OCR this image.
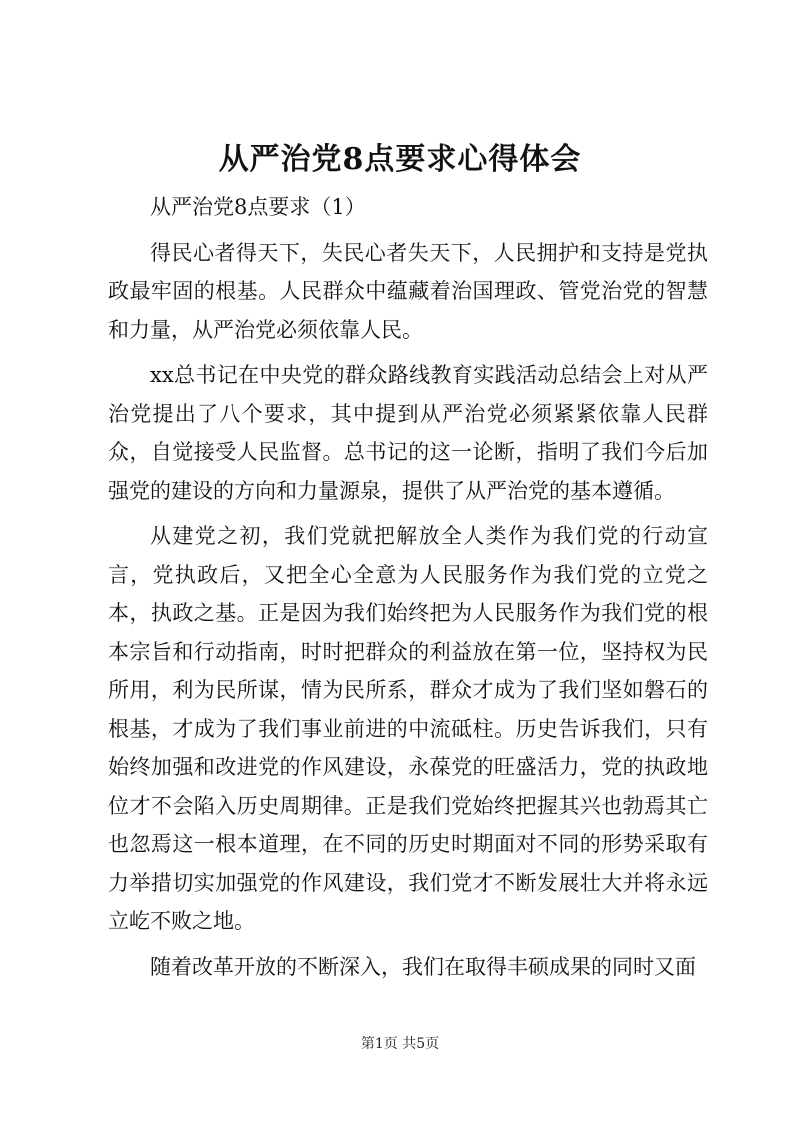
从严治党8点要求心得体会

从严治党8点要求（1）

得民心者得天下，失民心者失天下，人民拥护和支持是党执政最牢固的根基。人民群众中蕴藏着治国理政、管党治党的智慧和力量，从严治党必须依靠人民。

xx总书记在中央党的群众路线教育实践活动总结会上对从严治党提出了八个要求，其中提到从严治党必须紧紧依靠人民群众，自觉接受人民监督。总书记的这一论断，指明了我们今后加强党的建设的方向和力量源泉，提供了从严治党的基本遵循。

从建党之初，我们党就把解放全人类作为我们党的行动宣言，党执政后，又把全心全意为人民服务作为我们党的立党之本，执政之基。正是因为我们始终把为人民服务作为我们党的根本宗旨和行动指南，时时把群众的利益放在第一位，坚持权为民所用，利为民所谋，情为民所系，群众才成为了我们坚如磐石的根基，才成为了我们事业前进的中流砥柱。历史告诉我们，只有始终加强和改进党的作风建设，永葆党的旺盛活力，党的执政地位才不会陷入历史周期律。正是我们党始终把握其兴也勃焉其亡也忽焉这一根本道理，在不同的历史时期面对不同的形势采取有力举措切实加强党的作风建设，我们党才不断发展壮大并将永远立屹不败之地。

随着改革开放的不断深入，我们在取得丰硕成果的同时又面

第1页 共5页
